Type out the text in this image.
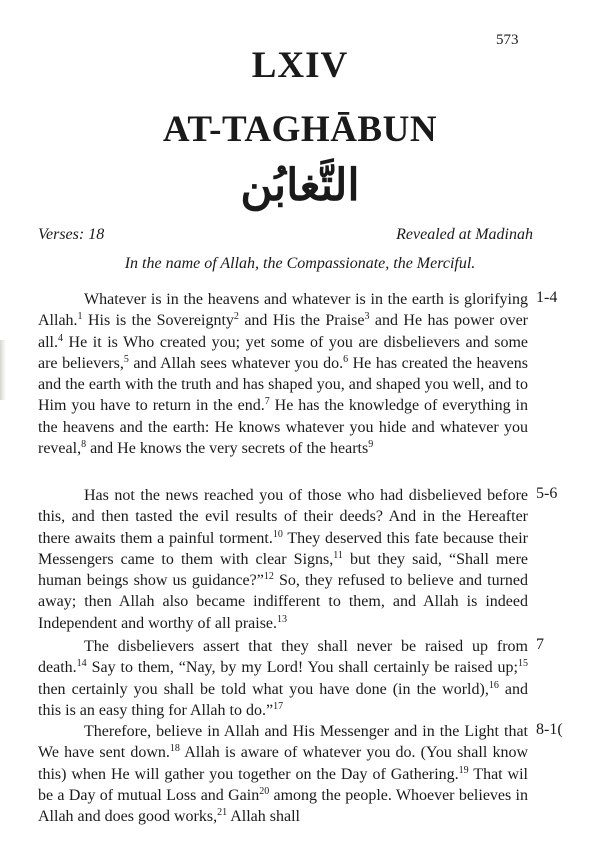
573
LXIV
AT-TAGHĀBUN
التَّغابُن
Verses: 18	Revealed at Madinah
In the name of Allah, the Compassionate, the Merciful.
Whatever is in the heavens and whatever is in the earth is glorifying Allah.$^1$ His is the Sovereignty$^2$ and His the Praise$^3$ and He has power over all.$^4$ He it is Who created you; yet some of you are disbelievers and some are believers,$^5$ and Allah sees whatever you do.$^6$ He has created the heavens and the earth with the truth and has shaped you, and shaped you well, and to Him you have to return in the end.$^7$ He has the knowledge of everything in the heavens and the earth: He knows whatever you hide and whatever you reveal,$^8$ and He knows the very secrets of the hearts$^9$
1-4
Has not the news reached you of those who had disbelieved before this, and then tasted the evil results of their deeds? And in the Hereafter there awaits them a painful torment.$^{10}$ They deserved this fate because their Messengers came to them with clear Signs,$^{11}$ but they said, “Shall mere human beings show us guidance?”$^{12}$ So, they refused to believe and turned away; then Allah also became indifferent to them, and Allah is indeed Independent and worthy of all praise.$^{13}$
5-6
The disbelievers assert that they shall never be raised up from death.$^{14}$ Say to them, “Nay, by my Lord! You shall certainly be raised up;$^{15}$ then certainly you shall be told what you have done (in the world),$^{16}$ and this is an easy thing for Allah to do.”$^{17}$
7
Therefore, believe in Allah and His Messenger and in the Light that We have sent down.$^{18}$ Allah is aware of whatever you do. (You shall know this) when He will gather you together on the Day of Gathering.$^{19}$ That wil be a Day of mutual Loss and Gain$^{20}$ among the people. Whoever believes in Allah and does good works,$^{21}$ Allah shall
8-1(
